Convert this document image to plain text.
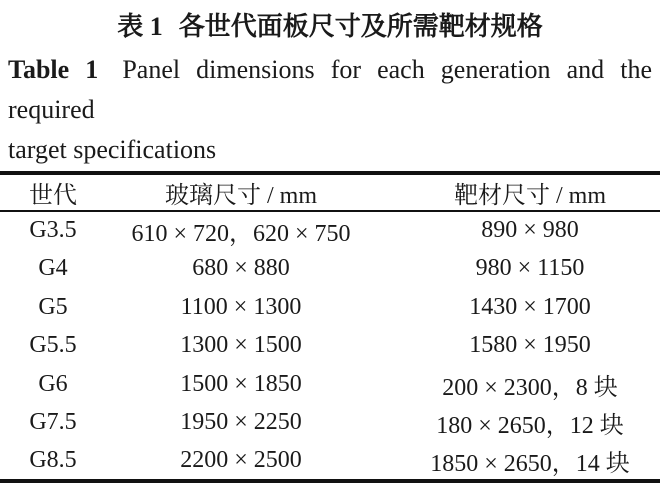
表 1 各世代面板尺寸及所需靶材规格
Table 1 Panel dimensions for each generation and the required
target specifications
世代	玻璃尺寸 / mm	靶材尺寸 / mm
G3.5	610 × 720，620 × 750	890 × 980
G4	680 × 880	980 × 1150
G5	1100 × 1300	1430 × 1700
G5.5	1300 × 1500	1580 × 1950
G6	1500 × 1850	200 × 2300，8 块
G7.5	1950 × 2250	180 × 2650，12 块
G8.5	2200 × 2500	1850 × 2650，14 块
